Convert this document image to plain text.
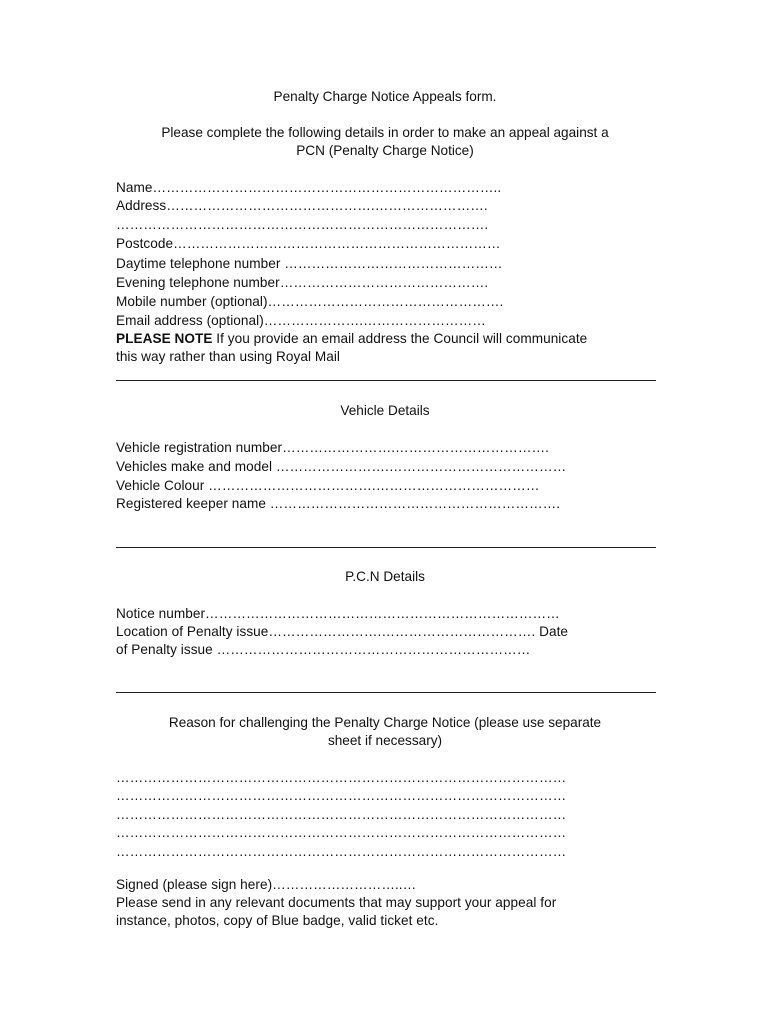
Penalty Charge Notice Appeals form.

Please complete the following details in order to make an appeal against a

PCN (Penalty Charge Notice)

Name…………………………………………………………………..

Address……………………………………….…………………….

……………………………………………………………………….

Postcode………………………………………………………………

Daytime telephone number …………………………………………

Evening telephone number……………………………………….

Mobile number (optional)…………………………………………….

Email address (optional)………………….………………………

PLEASE NOTE If you provide an email address the Council will communicate

this way rather than using Royal Mail

Vehicle Details

Vehicle registration number…………………….…………………………….

Vehicles make and model …………………….…………………………………

Vehicle Colour ……………………………….………………………………

Registered keeper name ……………………………………………………….

P.C.N Details

Notice number……………………………………………………………………

Location of Penalty issue…………………….……………………………. Date

of Penalty issue ……………………………………………………………

Reason for challenging the Penalty Charge Notice (please use separate

sheet if necessary)

………………………………………………………………………………………

………………………………………………………………………………………

………………………………………………………………………………………

………………………………………………………………………………………

………………………………………………………………………………………

Signed (please sign here)………………………..…

Please send in any relevant documents that may support your appeal for

instance, photos, copy of Blue badge, valid ticket etc.
